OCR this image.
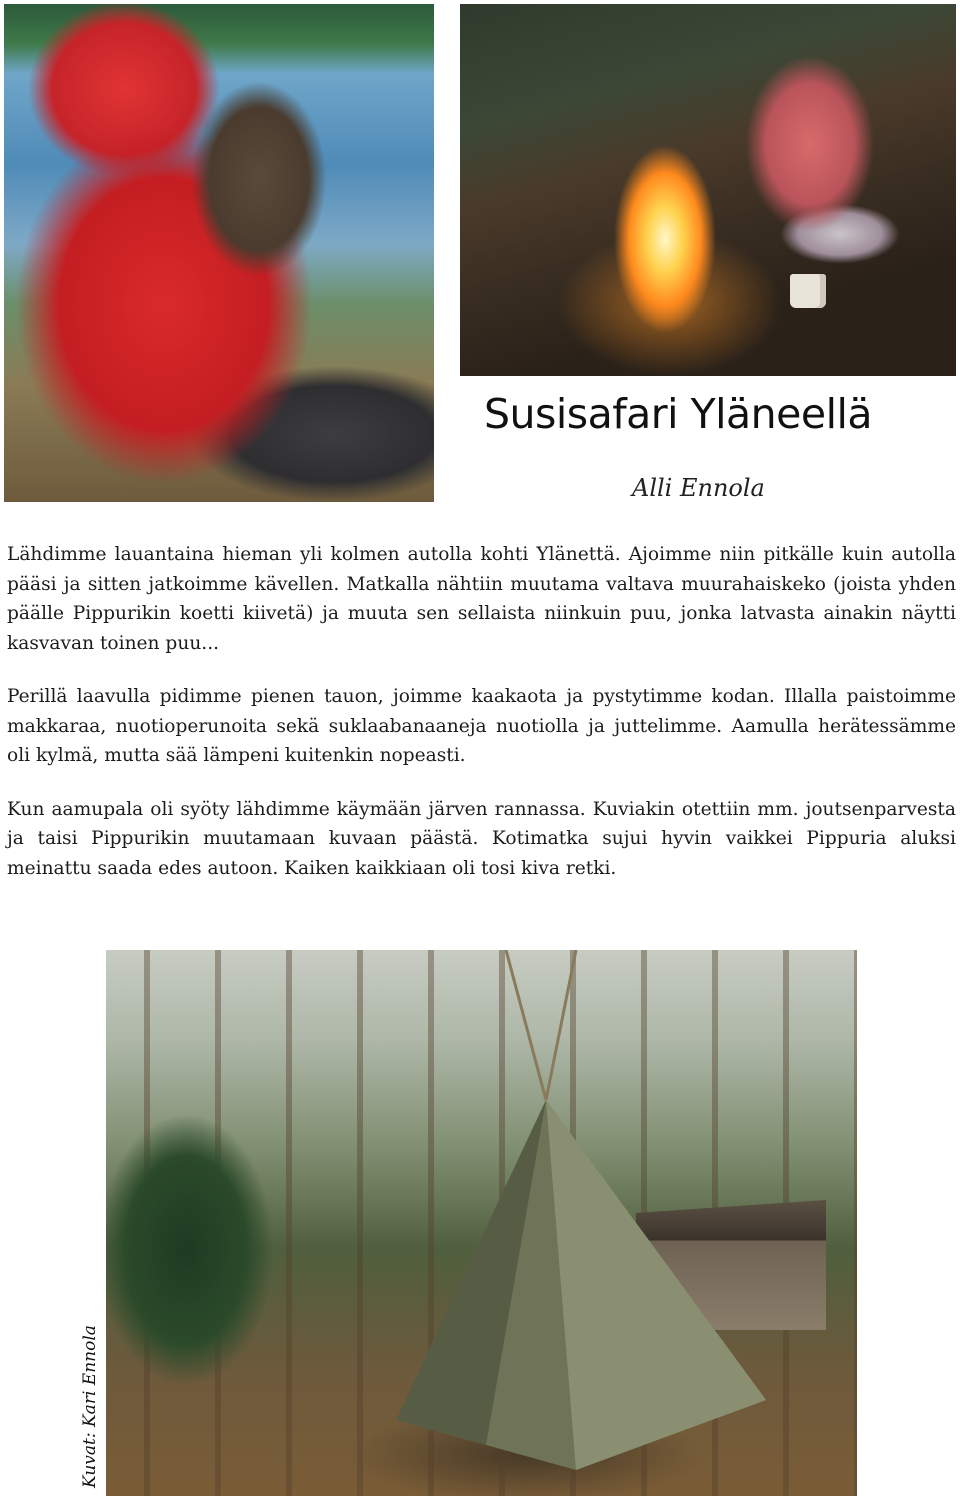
Susisafari Yläneellä
Alli Ennola

Lähdimme lauantaina hieman yli kolmen autolla kohti Ylänettä. Ajoimme niin pitkälle kuin autolla pääsi ja sitten jatkoimme kävellen. Matkalla nähtiin muutama valtava muurahaiskeko (joista yhden päälle Pippurikin koetti kiivetä) ja muuta sen sellaista niinkuin puu, jonka latvasta ainakin näytti kasvavan toinen puu...

Perillä laavulla pidimme pienen tauon, joimme kaakaota ja pystytimme kodan. Illalla paistoimme makkaraa, nuotioperunoita sekä suklaabanaaneja nuotiolla ja juttelimme. Aamulla herätessämme oli kylmä, mutta sää lämpeni kuitenkin nopeasti.

Kun aamupala oli syöty lähdimme käymään järven rannassa. Kuviakin otettiin mm. joutsenparvesta ja taisi Pippurikin muutamaan kuvaan päästä. Kotimatka sujui hyvin vaikkei Pippuria aluksi meinattu saada edes autoon. Kaiken kaikkiaan oli tosi kiva retki.

Kuvat: Kari Ennola
